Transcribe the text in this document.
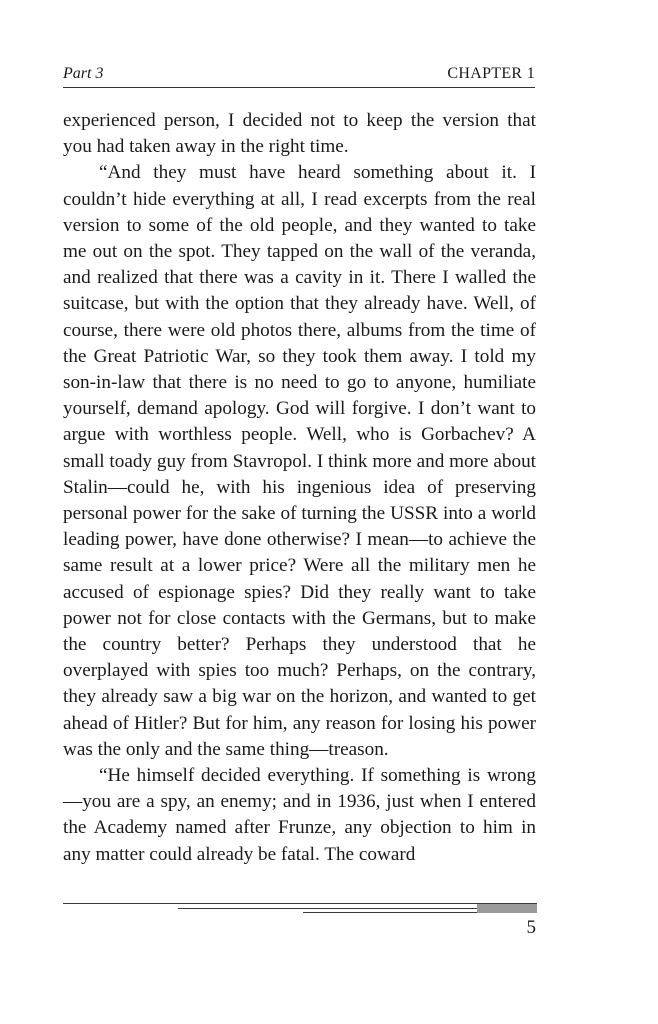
Part 3	CHAPTER 1

experienced person, I decided not to keep the version that you had taken away in the right time.

“And they must have heard something about it. I couldn’t hide everything at all, I read excerpts from the real version to some of the old people, and they wanted to take me out on the spot. They tapped on the wall of the veranda, and realized that there was a cavity in it. There I walled the suitcase, but with the option that they already have. Well, of course, there were old photos there, albums from the time of the Great Patriotic War, so they took them away. I told my son-in-law that there is no need to go to anyone, humiliate yourself, demand apology. God will forgive. I don’t want to argue with worthless people. Well, who is Gorbachev? A small toady guy from Stavropol. I think more and more about Stalin—could he, with his ingenious idea of preserving personal power for the sake of turning the USSR into a world leading power, have done otherwise? I mean—to achieve the same result at a lower price? Were all the military men he accused of espionage spies? Did they really want to take power not for close contacts with the Germans, but to make the country better? Perhaps they understood that he overplayed with spies too much? Perhaps, on the contrary, they already saw a big war on the horizon, and wanted to get ahead of Hitler? But for him, any reason for losing his power was the only and the same thing—treason.

“He himself decided everything. If something is wrong—you are a spy, an enemy; and in 1936, just when I entered the Academy named after Frunze, any objection to him in any matter could already be fatal. The coward

5
